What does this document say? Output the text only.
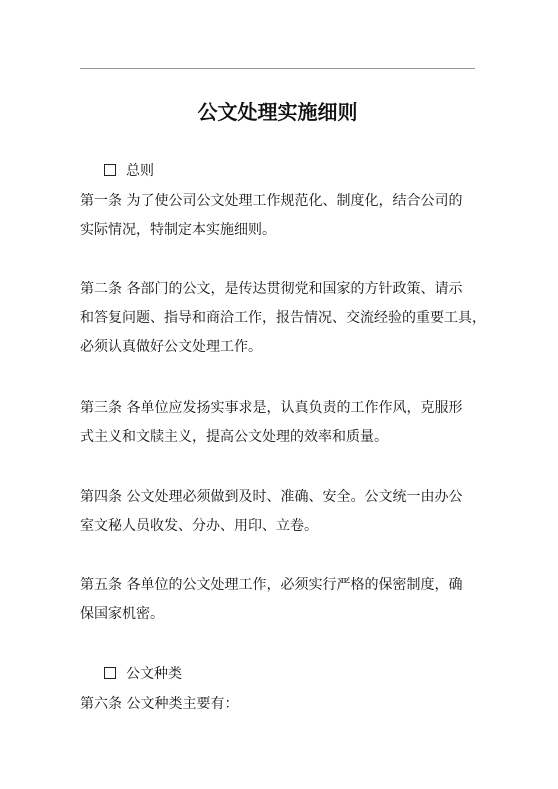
公文处理实施细则
总则
第一条 为了使公司公文处理工作规范化、制度化，结合公司的
实际情况，特制定本实施细则。
第二条 各部门的公文，是传达贯彻党和国家的方针政策、请示
和答复问题、指导和商洽工作，报告情况、交流经验的重要工具，
必须认真做好公文处理工作。
第三条 各单位应发扬实事求是，认真负责的工作作风，克服形
式主义和文牍主义，提高公文处理的效率和质量。
第四条 公文处理必须做到及时、准确、安全。公文统一由办公
室文秘人员收发、分办、用印、立卷。
第五条 各单位的公文处理工作，必须实行严格的保密制度，确
保国家机密。
公文种类
第六条 公文种类主要有：
